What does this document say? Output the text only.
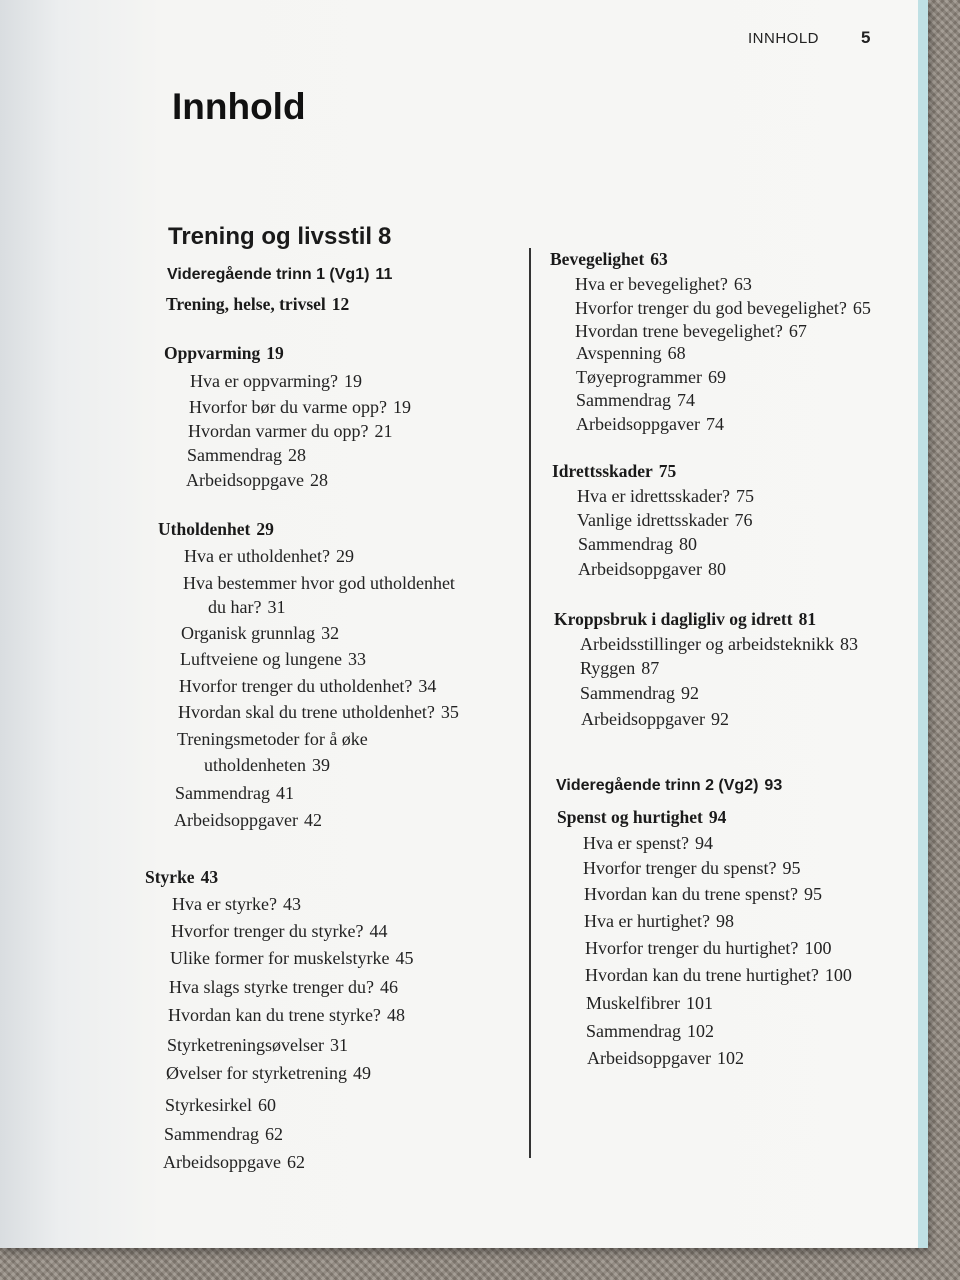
INNHOLD 5
Innhold
Trening og livsstil 8
Videregående trinn 1 (Vg1) 11
Trening, helse, trivsel 12
Oppvarming 19
Hva er oppvarming? 19
Hvorfor bør du varme opp? 19
Hvordan varmer du opp? 21
Sammendrag 28
Arbeidsoppgave 28
Utholdenhet 29
Hva er utholdenhet? 29
Hva bestemmer hvor god utholdenhet
du har? 31
Organisk grunnlag 32
Luftveiene og lungene 33
Hvorfor trenger du utholdenhet? 34
Hvordan skal du trene utholdenhet? 35
Treningsmetoder for å øke
utholdenheten 39
Sammendrag 41
Arbeidsoppgaver 42
Styrke 43
Hva er styrke? 43
Hvorfor trenger du styrke? 44
Ulike former for muskelstyrke 45
Hva slags styrke trenger du? 46
Hvordan kan du trene styrke? 48
Styrketreningsøvelser 31
Øvelser for styrketrening 49
Styrkesirkel 60
Sammendrag 62
Arbeidsoppgave 62
Bevegelighet 63
Hva er bevegelighet? 63
Hvorfor trenger du god bevegelighet? 65
Hvordan trene bevegelighet? 67
Avspenning 68
Tøyeprogrammer 69
Sammendrag 74
Arbeidsoppgaver 74
Idrettsskader 75
Hva er idrettsskader? 75
Vanlige idrettsskader 76
Sammendrag 80
Arbeidsoppgaver 80
Kroppsbruk i dagligliv og idrett 81
Arbeidsstillinger og arbeidsteknikk 83
Ryggen 87
Sammendrag 92
Arbeidsoppgaver 92
Videregående trinn 2 (Vg2) 93
Spenst og hurtighet 94
Hva er spenst? 94
Hvorfor trenger du spenst? 95
Hvordan kan du trene spenst? 95
Hva er hurtighet? 98
Hvorfor trenger du hurtighet? 100
Hvordan kan du trene hurtighet? 100
Muskelfibrer 101
Sammendrag 102
Arbeidsoppgaver 102
